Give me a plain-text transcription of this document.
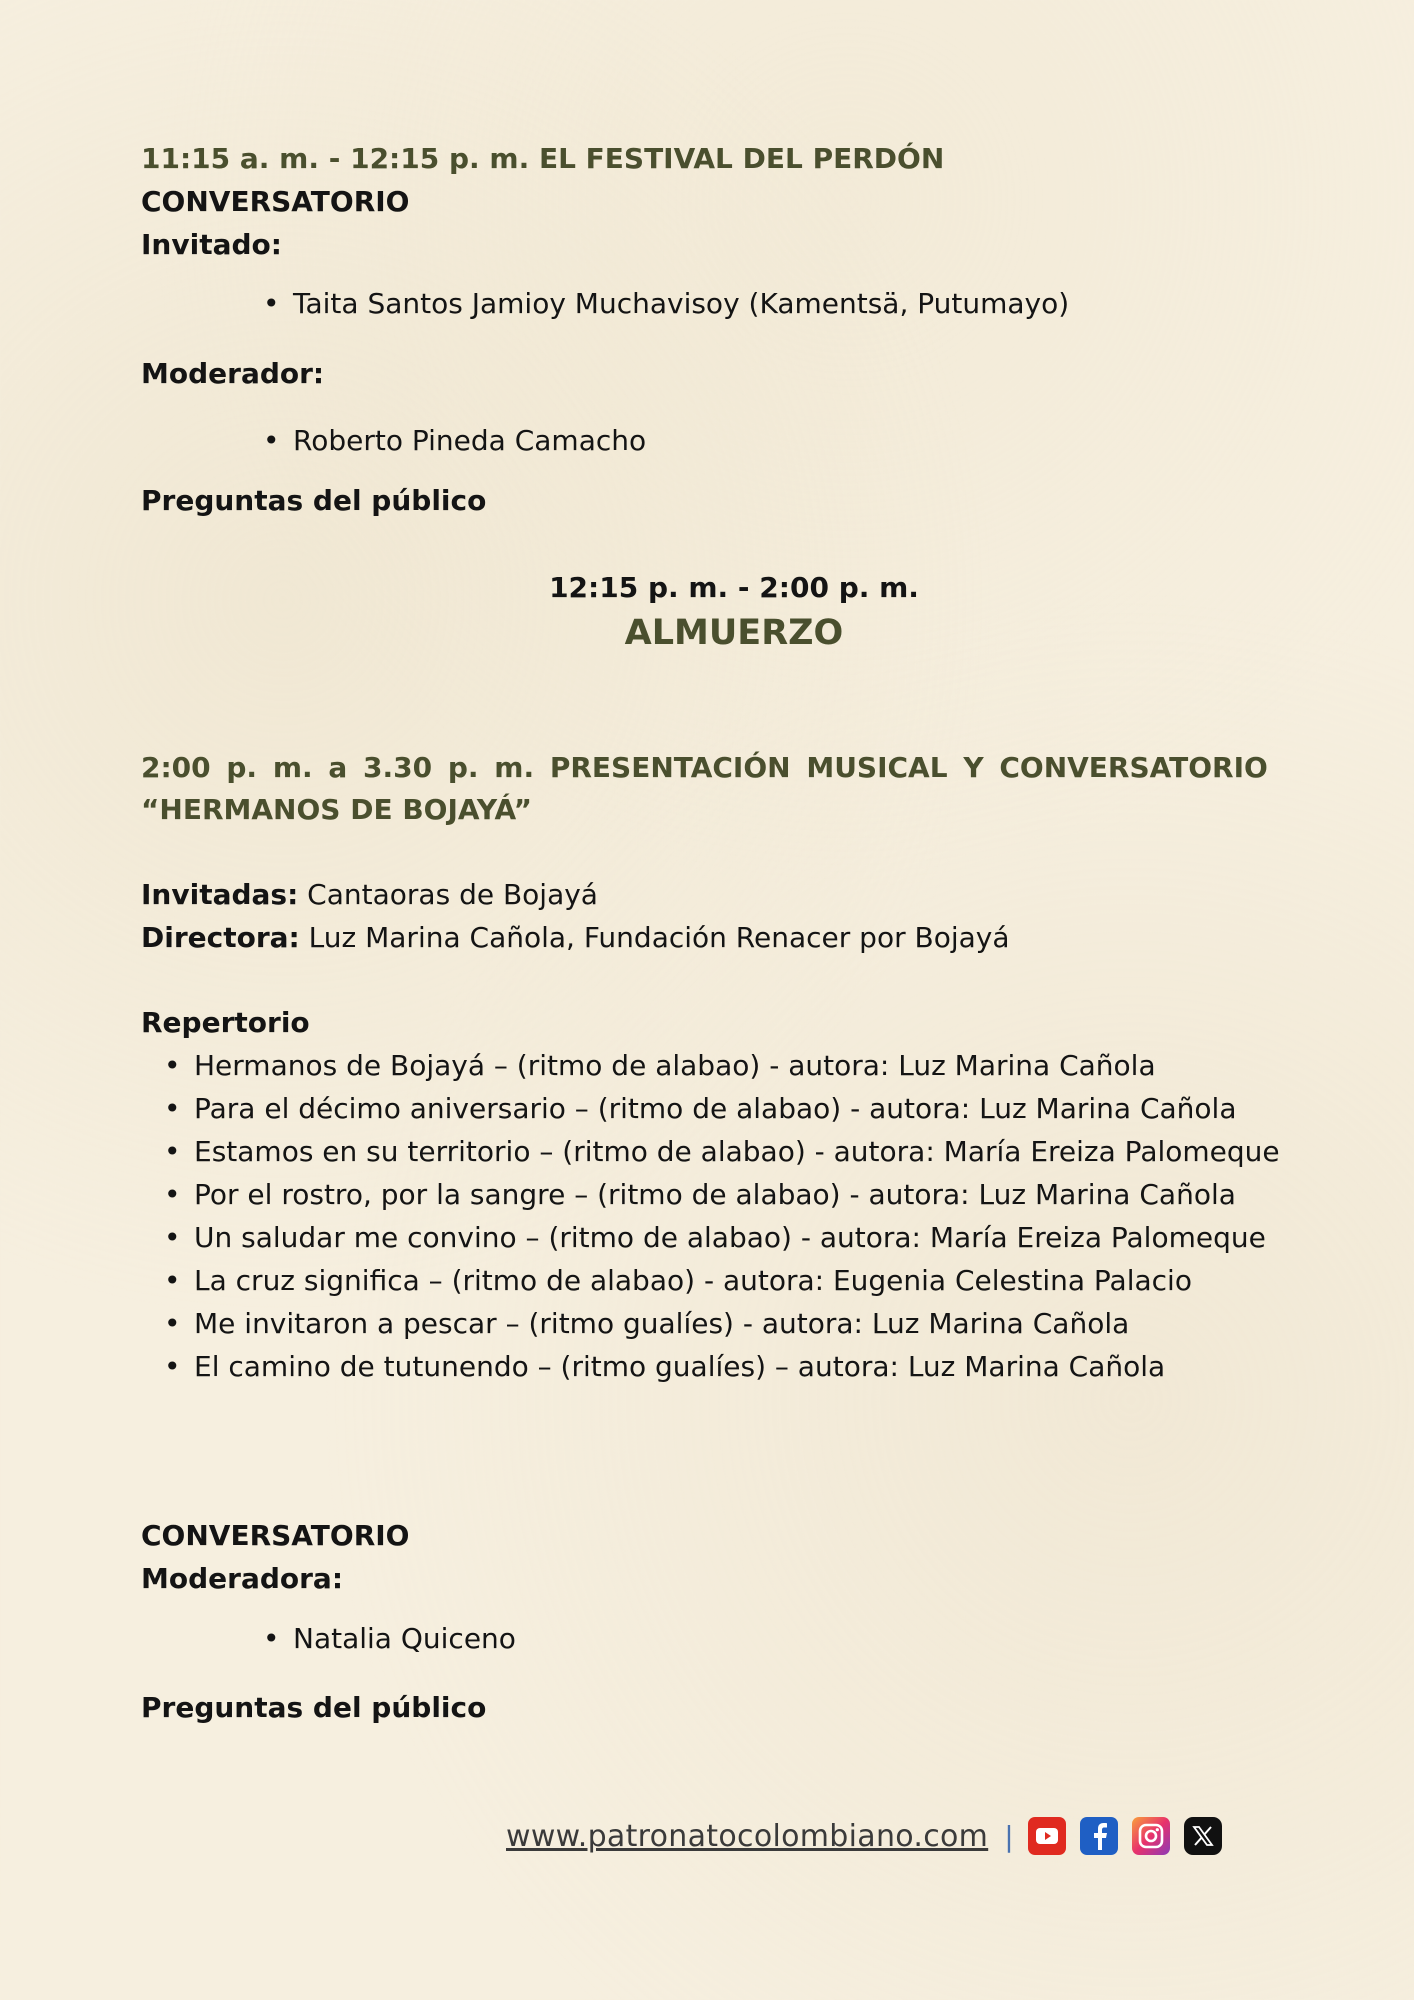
11:15 a. m. - 12:15 p. m. EL FESTIVAL DEL PERDÓN
CONVERSATORIO
Invitado:
• Taita Santos Jamioy Muchavisoy (Kamentsä, Putumayo)
Moderador:
• Roberto Pineda Camacho
Preguntas del público
12:15 p. m. - 2:00 p. m.
ALMUERZO
2:00 p. m. a 3.30 p. m. PRESENTACIÓN MUSICAL Y CONVERSATORIO
“HERMANOS DE BOJAYÁ”
Invitadas: Cantaoras de Bojayá
Directora: Luz Marina Cañola, Fundación Renacer por Bojayá
Repertorio
• Hermanos de Bojayá – (ritmo de alabao) - autora: Luz Marina Cañola
• Para el décimo aniversario – (ritmo de alabao) - autora: Luz Marina Cañola
• Estamos en su territorio – (ritmo de alabao) - autora: María Ereiza Palomeque
• Por el rostro, por la sangre – (ritmo de alabao) - autora: Luz Marina Cañola
• Un saludar me convino – (ritmo de alabao) - autora: María Ereiza Palomeque
• La cruz significa – (ritmo de alabao) - autora: Eugenia Celestina Palacio
• Me invitaron a pescar – (ritmo gualíes) - autora: Luz Marina Cañola
• El camino de tutunendo – (ritmo gualíes) – autora: Luz Marina Cañola
CONVERSATORIO
Moderadora:
• Natalia Quiceno
Preguntas del público
www.patronatocolombiano.com |
